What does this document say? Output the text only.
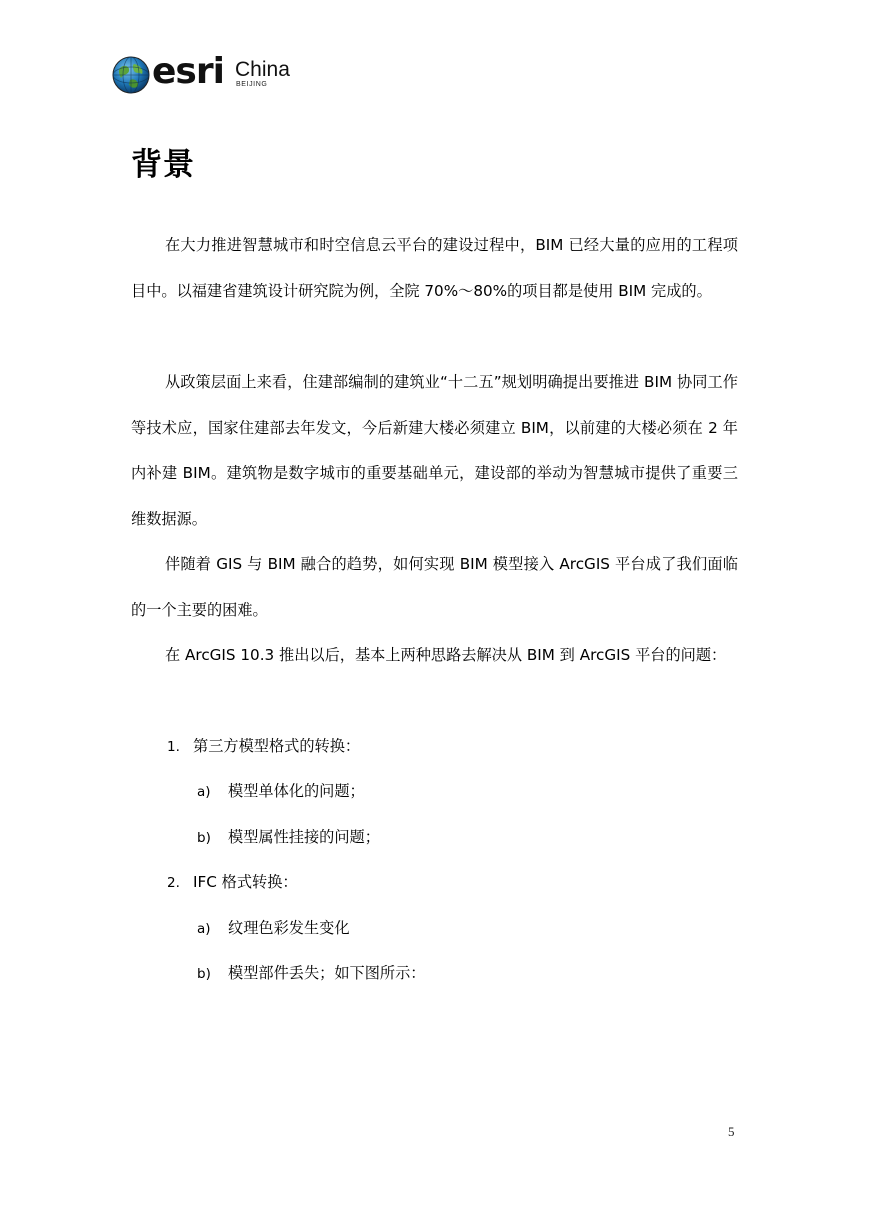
esri China
BEIJING
背景

在大力推进智慧城市和时空信息云平台的建设过程中，BIM 已经大量的应用的工程项目中。以福建省建筑设计研究院为例，全院 70%～80%的项目都是使用 BIM 完成的。

从政策层面上来看，住建部编制的建筑业“十二五”规划明确提出要推进 BIM 协同工作等技术应，国家住建部去年发文，今后新建大楼必须建立 BIM，以前建的大楼必须在 2 年内补建 BIM。建筑物是数字城市的重要基础单元，建设部的举动为智慧城市提供了重要三维数据源。

伴随着 GIS 与 BIM 融合的趋势，如何实现 BIM 模型接入 ArcGIS 平台成了我们面临的一个主要的困难。

在 ArcGIS 10.3 推出以后，基本上两种思路去解决从 BIM 到 ArcGIS 平台的问题：

1. 第三方模型格式的转换：
a) 模型单体化的问题；
b) 模型属性挂接的问题；
2. IFC 格式转换：
a) 纹理色彩发生变化
b) 模型部件丢失；如下图所示：
5
